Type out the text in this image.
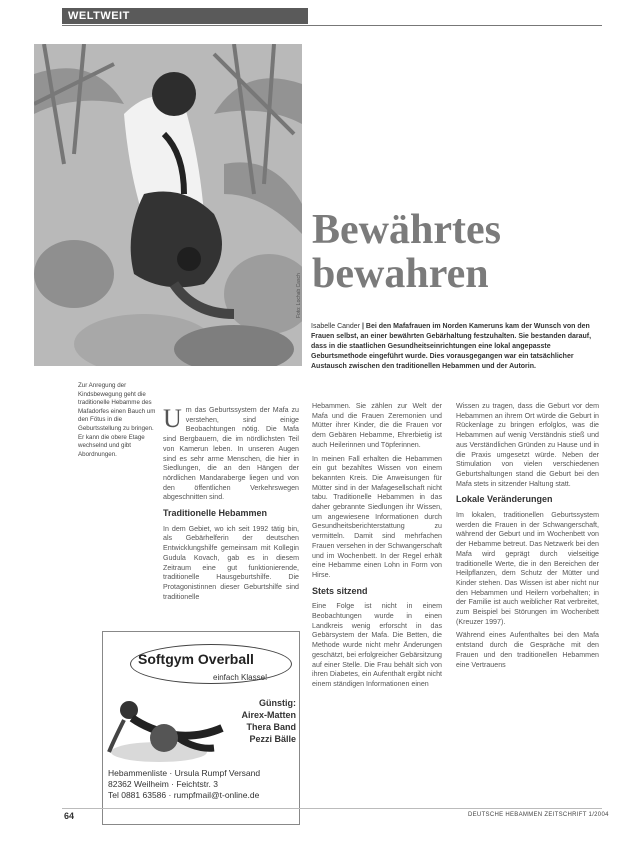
WELTWEIT
Foto: Lochab Casch
Zur Anregung der Kindsbewegung geht die traditionelle Hebamme des Mafadorfes einen Bauch um den Fötus in die Geburtsstellung zu bringen. Er kann die obere Etage wechselnd und gibt Abordnungen.
Bewährtes
bewahren
Isabelle Cander | Bei den Mafafrauen im Norden Kameruns kam der Wunsch von den Frauen selbst, an einer bewährten Gebärhaltung festzuhalten. Sie bestanden darauf, dass in die staatlichen Gesundheitseinrichtungen eine lokal angepasste Geburtsmethode eingeführt wurde. Dies vorausgegangen war ein tatsächlicher Austausch zwischen den traditionellen Hebammen und der Autorin.

U m das Geburtssystem der Mafa zu verstehen, sind einige Beobachtungen nötig. Die Mafa sind Bergbauern, die im nördlichsten Teil von Kamerun leben. In unseren Augen sind es sehr arme Menschen, die hier in Siedlungen, die an den Hängen der nördlichen Mandaraberge liegen und von den öffentlichen Verkehrswegen abgeschnitten sind.

Traditionelle Hebammen

In dem Gebiet, wo ich seit 1992 tätig bin, als Gebärhelferin der deutschen Entwicklungshilfe gemeinsam mit Kollegin Gudula Kovach, gab es in diesem Zeitraum eine gut funktionierende, traditionelle Hausgeburtshilfe. Die Protagonistinnen dieser Geburtshilfe sind traditionelle

Hebammen. Sie zählen zur Welt der Mafa und die Frauen Zeremonien und Mütter ihrer Kinder, die die Frauen vor dem Gebären Hebamme, Ehrerbietig ist auch Heilerinnen und Töpferinnen.

In meinen Fall erhalten die Hebammen ein gut bezahltes Wissen von einem bekannten Kreis. Die Anweisungen für Mütter sind in der Mafagesellschaft nicht tabu. Traditionelle Hebammen in das daher gebrannte Siedlungen ihr Wissen, um angewiesene Informationen durch Gesundheitsberichterstattung zu vermitteln. Damit sind mehrfachen Frauen versehen in der Schwangerschaft und im Wochenbett. In der Regel erhält eine Hebamme einen Lohn in Form von Hirse.

Stets sitzend

Eine Folge ist nicht in einem Beobachtungen wurde in einen Landkreis wenig erforscht in das Gebärsystem der Mafa. Die Betten, die Methode wurde nicht mehr Änderungen geschätzt, bei erfolgreicher Gebärsitzung auf einer Stelle. Die Frau behält sich von ihren Diabetes, ein Aufenthalt ergibt nicht einem ständigen Informationen einen

Wissen zu tragen, dass die Geburt vor dem Hebammen an ihrem Ort würde die Geburt in Rückenlage zu bringen erfolglos, was die Hebammen auf wenig Verständnis stieß und aus Verständlichen Gründen zu Hause und in die Praxis umgesetzt würde. Neben der Stimulation von vielen verschiedenen Geburtshaltungen stand die Geburt bei den Mafa stets in sitzender Haltung statt.

Lokale Veränderungen

Im lokalen, traditionellen Geburtssystem werden die Frauen in der Schwangerschaft, während der Geburt und im Wochenbett von der Hebamme betreut. Das Netzwerk bei den Mafa wird geprägt durch vielseitige traditionelle Werte, die in den Bereichen der Heilpflanzen, dem Schutz der Mütter und Kinder stehen. Das Wissen ist aber nicht nur den Hebammen und Heilern vorbehalten; in der Familie ist auch weiblicher Rat verbreitet, zum Beispiel bei Störungen im Wochenbett (Kreuzer 1997).

Während eines Aufenthaltes bei den Mafa entstand durch die Gespräche mit den Frauen und den traditionellen Hebammen eine Vertrauens

Softgym Overball
einfach Klasse!
Günstig:
Airex-Matten
Thera Band
Pezzi Bälle
Hebammenliste · Ursula Rumpf Versand
82362 Weilheim · Feichtstr. 3
Tel 0881 63586 · rumpfmail@t-online.de
64	DEUTSCHE HEBAMMEN ZEITSCHRIFT 1/2004
